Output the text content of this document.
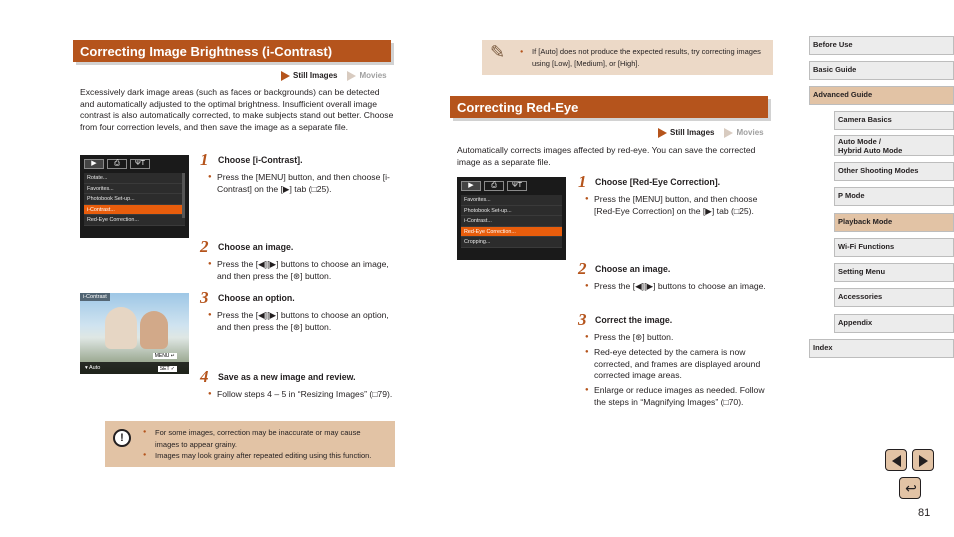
Correcting Image Brightness (i-Contrast)
Still Images	Movies
Excessively dark image areas (such as faces or backgrounds) can be detected and automatically adjusted to the optimal brightness. Insufficient overall image contrast is also automatically corrected, to make subjects stand out better. Choose from four correction levels, and then save the image as a separate file.
▶	⎙	ΨΤ
Rotate...
Favorites...
Photobook Set-up...
i-Contrast...
Red-Eye Correction...
1 Choose [i-Contrast].
● Press the [MENU] button, and then choose [i-Contrast] on the [▶] tab (□25).
2 Choose an image.
● Press the [◀][▶] buttons to choose an image, and then press the [⊛] button.
i-Contrast
MENU ↵
▾ Auto	SET ✓
3 Choose an option.
● Press the [◀][▶] buttons to choose an option, and then press the [⊛] button.
4 Save as a new image and review.
● Follow steps 4 – 5 in “Resizing Images” (□79).
!	● For some images, correction may be inaccurate or may cause images to appear grainy.
● Images may look grainy after repeated editing using this function.
✎	● If [Auto] does not produce the expected results, try correcting images using [Low], [Medium], or [High].
Correcting Red-Eye
Still Images	Movies
Automatically corrects images affected by red-eye. You can save the corrected image as a separate file.
▶	⎙	ΨΤ
Favorites...
Photobook Set-up...
i-Contrast...
Red-Eye Correction...
Cropping...
1 Choose [Red-Eye Correction].
● Press the [MENU] button, and then choose [Red-Eye Correction] on the [▶] tab (□25).
2 Choose an image.
● Press the [◀][▶] buttons to choose an image.
3 Correct the image.
● Press the [⊛] button.
● Red-eye detected by the camera is now corrected, and frames are displayed around corrected image areas.
● Enlarge or reduce images as needed. Follow the steps in “Magnifying Images” (□70).
Before Use
Basic Guide
Advanced Guide
Camera Basics
Auto Mode /
Hybrid Auto Mode
Other Shooting Modes
P Mode
Playback Mode
Wi-Fi Functions
Setting Menu
Accessories
Appendix
Index
↩
81
